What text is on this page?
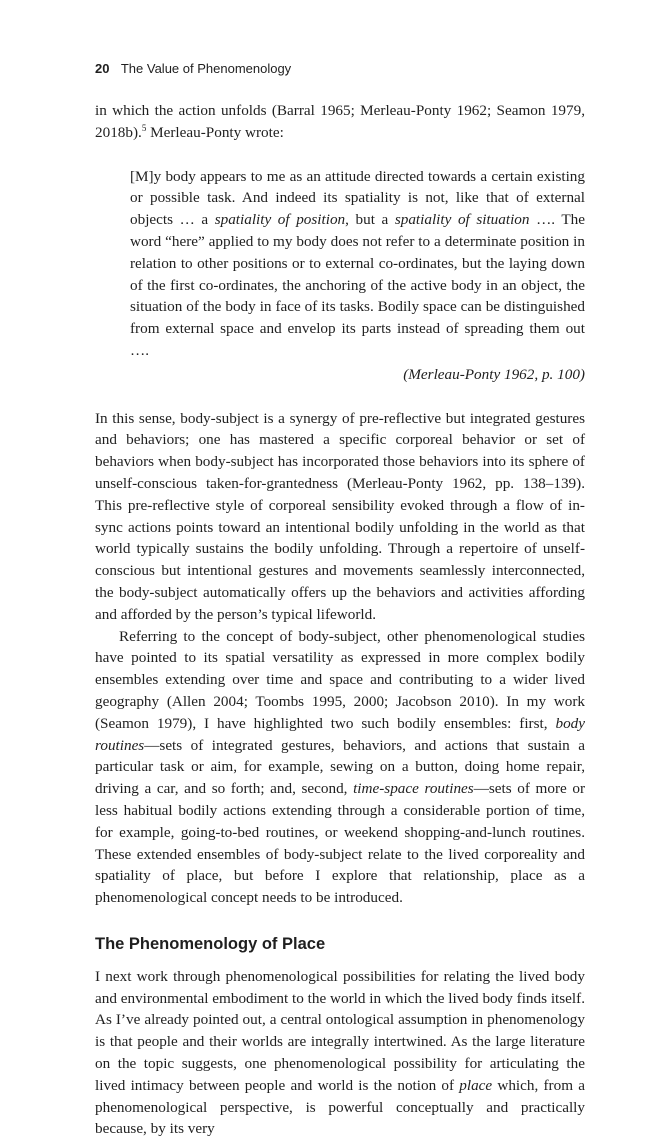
20 The Value of Phenomenology

in which the action unfolds (Barral 1965; Merleau-Ponty 1962; Seamon 1979, 2018b).$^5$ Merleau-Ponty wrote:

[M]y body appears to me as an attitude directed towards a certain existing or possible task. And indeed its spatiality is not, like that of external objects … a spatiality of position, but a spatiality of situation …. The word “here” applied to my body does not refer to a determinate position in relation to other positions or to external co-ordinates, but the laying down of the first co-ordinates, the anchoring of the active body in an object, the situation of the body in face of its tasks. Bodily space can be distinguished from external space and envelop its parts instead of spreading them out ….
(Merleau-Ponty 1962, p. 100)

In this sense, body-subject is a synergy of pre-reflective but integrated gestures and behaviors; one has mastered a specific corporeal behavior or set of behaviors when body-subject has incorporated those behaviors into its sphere of unself-conscious taken-for-grantedness (Merleau-Ponty 1962, pp. 138–139). This pre-reflective style of corporeal sensibility evoked through a flow of in-sync actions points toward an intentional bodily unfolding in the world as that world typically sustains the bodily unfolding. Through a repertoire of unself-conscious but intentional gestures and movements seamlessly interconnected, the body-subject automatically offers up the behaviors and activities affording and afforded by the person’s typical lifeworld.

Referring to the concept of body-subject, other phenomenological studies have pointed to its spatial versatility as expressed in more complex bodily ensembles extending over time and space and contributing to a wider lived geography (Allen 2004; Toombs 1995, 2000; Jacobson 2010). In my work (Seamon 1979), I have highlighted two such bodily ensembles: first, body routines—sets of integrated gestures, behaviors, and actions that sustain a particular task or aim, for example, sewing on a button, doing home repair, driving a car, and so forth; and, second, time-space routines—sets of more or less habitual bodily actions extending through a considerable portion of time, for example, going-to-bed routines, or weekend shopping-and-lunch routines. These extended ensembles of body-subject relate to the lived corporeality and spatiality of place, but before I explore that relationship, place as a phenomenological concept needs to be introduced.

The Phenomenology of Place

I next work through phenomenological possibilities for relating the lived body and environmental embodiment to the world in which the lived body finds itself. As I’ve already pointed out, a central ontological assumption in phenomenology is that people and their worlds are integrally intertwined. As the large literature on the topic suggests, one phenomenological possibility for articulating the lived intimacy between people and world is the notion of place which, from a phenomenological perspective, is powerful conceptually and practically because, by its very
